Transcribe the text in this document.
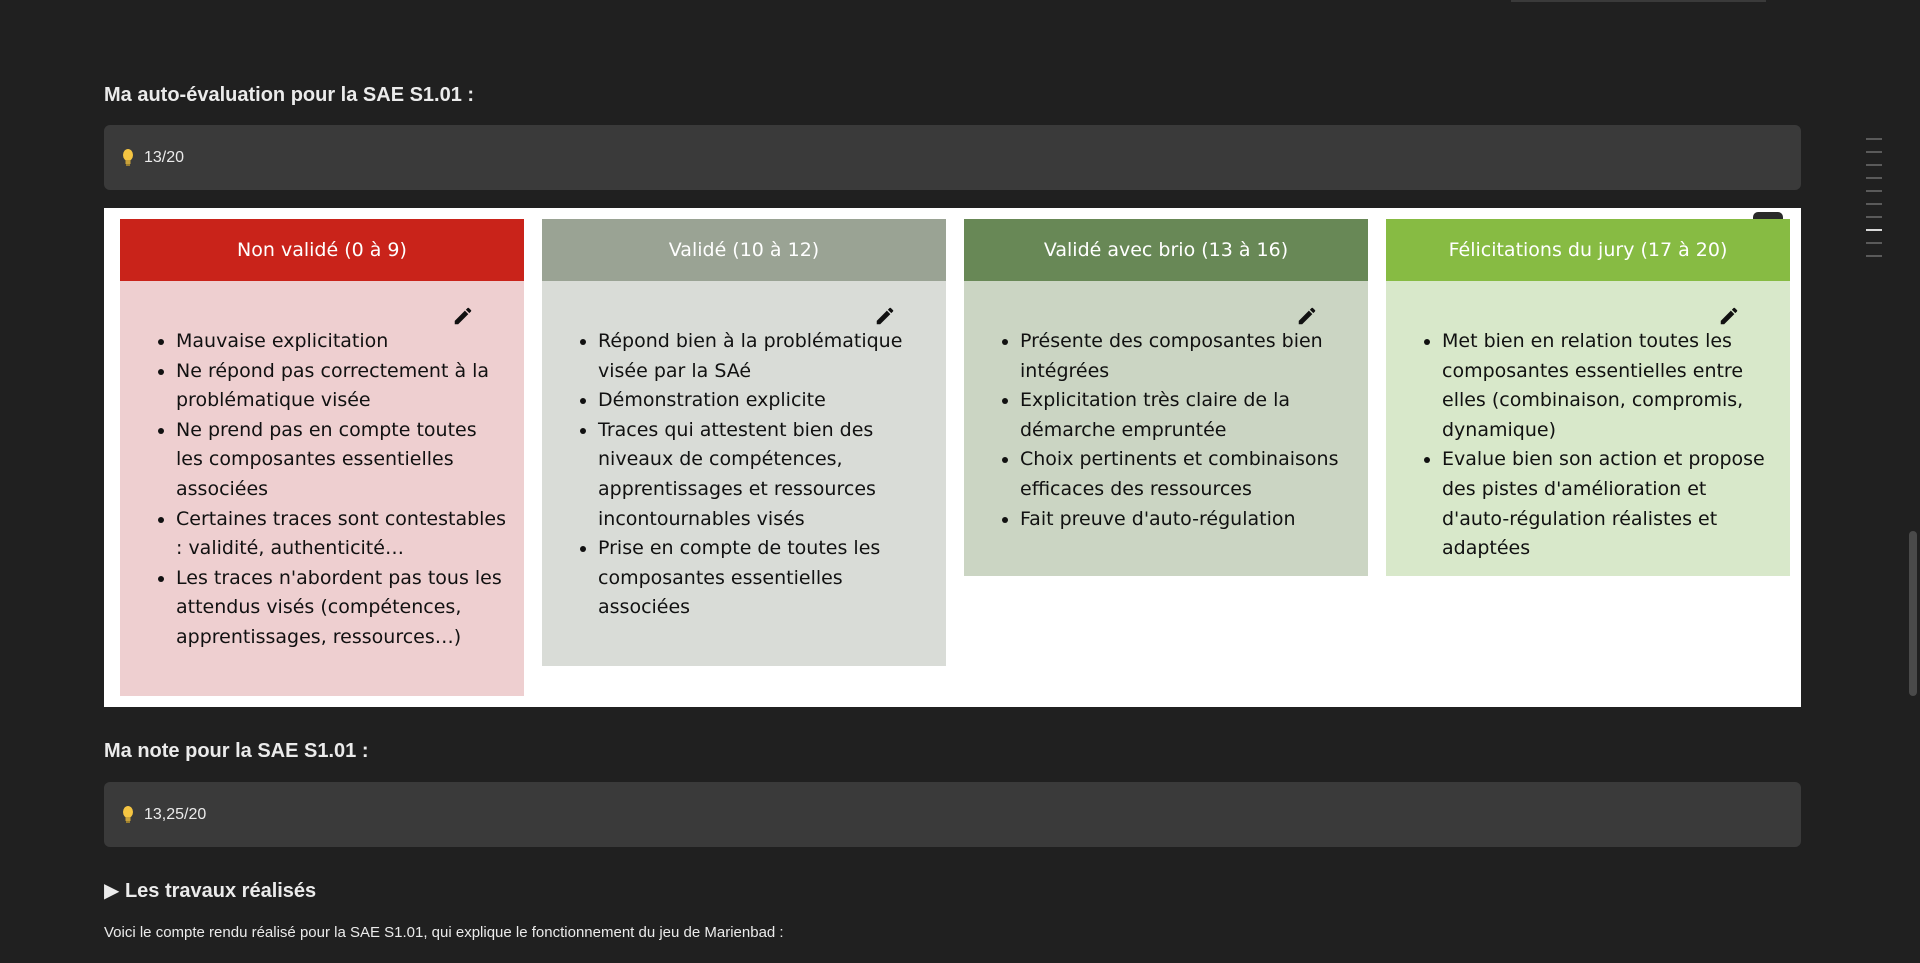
Ma auto-évaluation pour la SAE S1.01 :
13/20
Non validé (0 à 9)
• Mauvaise explicitation
• Ne répond pas correctement à la problématique visée
• Ne prend pas en compte toutes les composantes essentielles associées
• Certaines traces sont contestables : validité, authenticité…
• Les traces n'abordent pas tous les attendus visés (compétences, apprentissages, ressources…)
Validé (10 à 12)
• Répond bien à la problématique visée par la SAé
• Démonstration explicite
• Traces qui attestent bien des niveaux de compétences, apprentissages et ressources incontournables visés
• Prise en compte de toutes les composantes essentielles associées
Validé avec brio (13 à 16)
• Présente des composantes bien intégrées
• Explicitation très claire de la démarche empruntée
• Choix pertinents et combinaisons efficaces des ressources
• Fait preuve d'auto-régulation
Félicitations du jury (17 à 20)
• Met bien en relation toutes les composantes essentielles entre elles (combinaison, compromis, dynamique)
• Evalue bien son action et propose des pistes d'amélioration et d'auto-régulation réalistes et adaptées
Ma note pour la SAE S1.01 :
13,25/20
▶ Les travaux réalisés
Voici le compte rendu réalisé pour la SAE S1.01, qui explique le fonctionnement du jeu de Marienbad :
